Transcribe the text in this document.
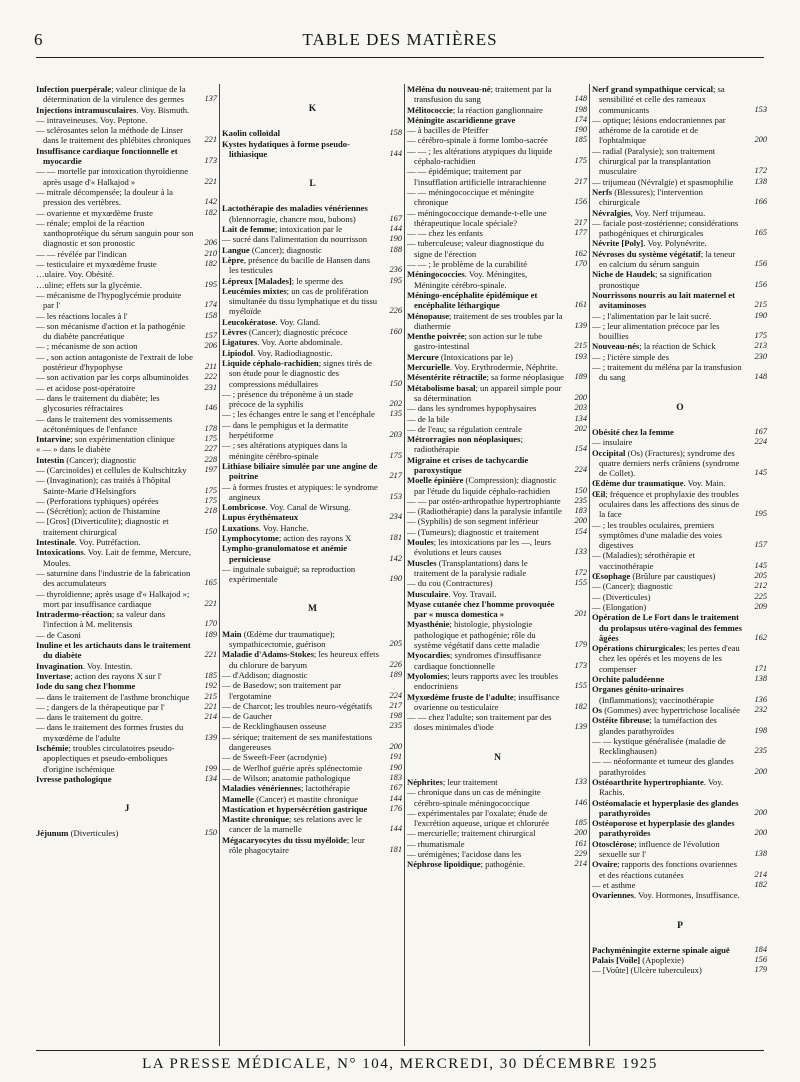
6	TABLE DES MATIÈRES
Infection puerpérale; valeur clinique de la détermination de la virulence des germes 137
Injections intramusculaires. Voy. Bismuth.
— intraveineuses. Voy. Peptone.
— sclérosantes selon la méthode de Linser dans le traitement des phlébites chroniques 221
Insuffisance cardiaque fonctionnelle et myocardie	173
— — mortelle par intoxication thyroïdienne après usage d'« Halkajod »	221
— mitrale décompensée; la douleur à la pression des vertèbres.	142
— ovarienne et myxœdème fruste	182
— rénale; emploi de la réaction xanthoprotéique du sérum sanguin pour son diagnostic et son pronostic	206
— — révélée par l'indican	210
— testiculaire et myxœdème fruste	182
…ulaire. Voy. Obésité.
…uline; effets sur la glycémie.	195
— mécanisme de l'hypoglycémie produite par l'	174
— les réactions locales à l'	158
— son mécanisme d'action et la pathogénie du diabète pancréatique	157
— ; mécanisme de son action	206
— , son action antagoniste de l'extrait de lobe postérieur d'hypophyse	211
— son activation par les corps albuminoïdes 222
— et acidose post-opératoire	231
— dans le traitement du diabète; les glycosuries réfractaires	146
— dans le traitement des vomissements acétonémiques de l'enfance	178
Intarvine; son expérimentation clinique	175
« — » dans le diabète	227
Intestin (Cancer); diagnostic	228
— (Carcinoïdes) et cellules de Kultschitzky 197
— (Invagination); cas traités à l'hôpital Sainte-Marie d'Helsingfors	175
— (Perforations typhiques) opérées	175
— (Sécrétion); action de l'histamine	218
— [Gros] (Diverticulite); diagnostic et traitement chirurgical	150
Intestinale. Voy. Putréfaction.
Intoxications. Voy. Lait de femme, Mercure, Moules.
— saturnine dans l'industrie de la fabrication des accumulateurs	165
— thyroïdienne; après usage d'« Halkajod »; mort par insuffisance cardiaque	221
Intradermo-réaction; sa valeur dans l'infection à M. melitensis	170
— de Casoni	189
Inuline et les artichauts dans le traitement du diabète	221
Invagination. Voy. Intestin.
Invertase; action des rayons X sur l'	185
Iode du sang chez l'homme	192
— dans le traitement de l'asthme bronchique 215
— ; dangers de la thérapeutique par l'	221
— dans le traitement du goitre.	214
— dans le traitement des formes frustes du myxœdème de l'adulte	139
Ischémie; troubles circulatoires pseudo-apoplectiques et pseudo-emboliques d'origine ischémique	199
Ivresse pathologique	134
J
Jéjunum (Diverticules)	150
K
Kaolin colloïdal	158
Kystes hydatiques à forme pseudo-lithiasique	144
L
Lactothérapie des maladies vénériennes (blennorragie, chancre mou, bubons)	167
Lait de femme; intoxication par le	144
— sucré dans l'alimentation du nourrisson	190
Langue (Cancer); diagnostic	188
Lèpre, présence du bacille de Hansen dans les testicules	236
Lépreux [Malades]; le sperme des	195
Leucémies mixtes; un cas de prolifération simultanée du tissu lymphatique et du tissu myéloïde	226
Leucokératose. Voy. Gland.
Lèvres (Cancer); diagnostic précoce	160
Ligatures. Voy. Aorte abdominale.
Lipiodol. Voy. Radiodiagnostic.
Liquide céphalo-rachidien; signes tirés de son étude pour le diagnostic des compressions médullaires	150
— ; présence du tréponème à un stade précoce de la syphilis	202
— ; les échanges entre le sang et l'encéphale 135
— dans le pemphigus et la dermatite herpétiforme	203
— ; ses altérations atypiques dans la méningite cérébro-spinale	175
Lithiase biliaire simulée par une angine de poitrine	217
— à formes frustes et atypiques: le syndrome angineux	153
Lombricose. Voy. Canal de Wirsung.
Lupus érythémateux	234
Luxations. Voy. Hanche.
Lymphocytome; action des rayons X	181
Lympho-granulomatose et anémie pernicieuse	142
— inguinale subaiguë; sa reproduction expérimentale	190
M
Main (Œdème dur traumatique); sympathicectomie, guérison	205
Maladie d'Adams-Stokes; les heureux effets du chlorure de baryum	226
— d'Addison; diagnostic	189
— de Basedow; son traitement par l'ergotamine	224
— de Charcot; les troubles neuro-végétatifs 217
— de Gaucher	198
— de Recklinghausen osseuse	235
— sérique; traitement de ses manifestations dangereuses	200
— de Sweeft-Feer (acrodynie)	191
— de Werlhof guérie après splénectomie	190
— de Wilson; anatomie pathologique	183
Maladies vénériennes; lactothérapie	167
Mamelle (Cancer) et mastite chronique	144
Mastication et hypersécrétion gastrique	176
Mastite chronique; ses relations avec le cancer de la mamelle	144
Mégacaryocytes du tissu myéloïde; leur rôle phagocytaire	181
Méléna du nouveau-né; traitement par la transfusion du sang	148
Mélitococcie; la réaction ganglionnaire	198
Méningite ascaridienne grave	174
— à bacilles de Pfeiffer	190
— cérébro-spinale à forme lombo-sacrée	185
— — ; les altérations atypiques du liquide céphalo-rachidien	175
— — épidémique; traitement par l'insufflation artificielle intrarachienne	217
— — méningococcique et méningite chronique	156
— méningococcique demande-t-elle une thérapeutique locale spéciale?	217
— — chez les enfants	177
— tuberculeuse; valeur diagnostique du signe de l'érection	162
— — ; le problème de la curabilité	170
Méningococcies. Voy. Méningites, Méningite cérébro-spinale.
Méningo-encéphalite épidémique et encéphalite léthargique	161
Ménopause; traitement de ses troubles par la diathermie	139
Menthe poivrée; son action sur le tube gastro-intestinal	215
Mercure (Intoxications par le)	193
Mercurielle. Voy. Erythrodermie, Néphrite.
Mésentérite rétractile; sa forme néoplasique 189
Métabolisme basal; un appareil simple pour sa détermination	200
— dans les syndromes hypophysaires	203
— de la bile	134
— de l'eau; sa régulation centrale	202
Métrorragies non néoplasiques; radiothérapie	154
Migraine et crises de tachycardie paroxystique	224
Moelle épinière (Compression); diagnostic par l'étude du liquide céphalo-rachidien	150
— — par ostéo-arthropathie hypertrophiante 235
— (Radiothérapie) dans la paralysie infantile 183
— (Syphilis) de son segment inférieur	200
— (Tumeurs); diagnostic et traitement	154
Moules; les intoxications par les —, leurs évolutions et leurs causes	133
Muscles (Transplantations) dans le traitement de la paralysie radiale	172
— du cou (Contractures)	155
Musculaire. Voy. Travail.
Myase cutanée chez l'homme provoquée par « musca domestica »	201
Myasthénie; histologie, physiologie pathologique et pathogénie; rôle du système végétatif dans cette maladie	179
Myocardies; syndromes d'insuffisance cardiaque fonctionnelle	173
Myolomies; leurs rapports avec les troubles endocriniens	155
Myxœdème fruste de l'adulte; insuffisance ovarienne ou testiculaire	182
— — chez l'adulte; son traitement par des doses minimales d'iode	139
N
Néphrites; leur traitement	133
— chronique dans un cas de méningite cérébro-spinale méningococcique	146
— expérimentales par l'oxalate; étude de l'excrétion aqueuse, urique et chlorurée	185
— mercurielle; traitement chirurgical	200
— rhumatismale	161
— urémigènes; l'acidose dans les	229
Néphrose lipoïdique; pathogénie.	214
Nerf grand sympathique cervical; sa sensibilité et celle des rameaux communicants	153
— optique; lésions endocraniennes par athérome de la carotide et de l'ophtalmique	200
— radial (Paralysie); son traitement chirurgical par la transplantation musculaire	172
— trijumeau (Névralgie) et spasmophilie	138
Nerfs (Blessures); l'intervention chirurgicale	166
Névralgies, Voy. Nerf trijumeau.
— faciale post-zostérienne; considérations pathogéniques et chirurgicales	165
Névrite [Poly]. Voy. Polynévrite.
Névroses du système végétatif; la teneur en calcium du sérum sanguin	156
Niche de Haudek; sa signification pronostique	156
Nourrissons nourris au lait maternel et avitaminoses	215
— ; l'alimentation par le lait sucré.	190
— ; leur alimentation précoce par les bouillies	175
Nouveau-nés; la réaction de Schick	213
— ; l'ictère simple des	230
— ; traitement du méléna par la transfusion du sang	148
O
Obésité chez la femme	167
— insulaire	224
Occipital (Os) (Fractures); syndrome des quatre derniers nerfs crâniens (syndrome de Collet).	145
Œdème dur traumatique. Voy. Main.
Œil; fréquence et prophylaxie des troubles oculaires dans les affections des sinus de la face	195
— ; les troubles oculaires, premiers symptômes d'une maladie des voies digestives	157
— (Maladies); sérothérapie et vaccinothérapie	145
Œsophage (Brûlure par caustiques)	205
— (Cancer); diagnostic	212
— (Diverticules)	225
— (Elongation)	209
Opération de Le Fort dans le traitement du prolapsus utéro-vaginal des femmes âgées	162
Opérations chirurgicales; les pertes d'eau chez les opérés et les moyens de les compenser	171
Orchite paludéenne	138
Organes génito-urinaires (Inflammations); vaccinothérapie	136
Os (Gommes) avec hypertrichose localisée 232
Ostéite fibreuse; la tuméfaction des glandes parathyroïdes	198
— — kystique généralisée (maladie de Recklinghausen)	235
— — néoformante et tumeur des glandes parathyroïdes	200
Ostéoarthrite hypertrophiante. Voy. Rachis.
Ostéomalacie et hyperplasie des glandes parathyroïdes	200
Ostéoporose et hyperplasie des glandes parathyroïdes	200
Otosclérose; influence de l'évolution sexuelle sur l'	138
Ovaire; rapports des fonctions ovariennes et des réactions cutanées	214
— et asthme	182
Ovariennes. Voy. Hormones, Insuffisance.
P
Pachyméningite externe spinale aiguë	184
Palais [Voile] (Apoplexie)	156
— [Voûte] (Ulcère tuberculeux)	179
LA PRESSE MÉDICALE, N° 104, MERCREDI, 30 DÉCEMBRE 1925
